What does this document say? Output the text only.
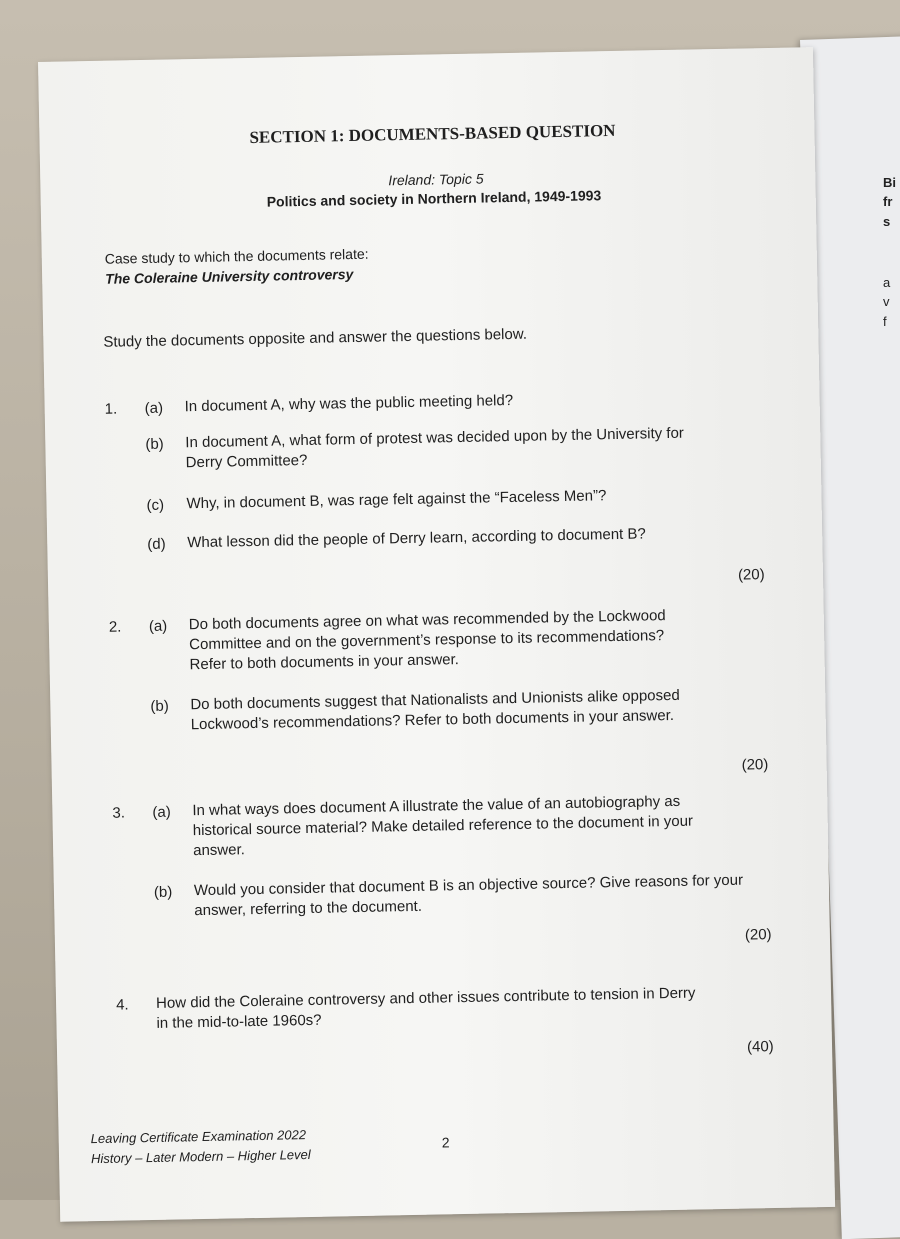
Bi
fr
s
a
v
f
SECTION 1: DOCUMENTS-BASED QUESTION
Ireland: Topic 5
Politics and society in Northern Ireland, 1949-1993
Case study to which the documents relate:
The Coleraine University controversy
Study the documents opposite and answer the questions below.
1. (a) In document A, why was the public meeting held?
(b) In document A, what form of protest was decided upon by the University for
Derry Committee?
(c) Why, in document B, was rage felt against the “Faceless Men”?
(d) What lesson did the people of Derry learn, according to document B?
(20)
2. (a) Do both documents agree on what was recommended by the Lockwood
Committee and on the government’s response to its recommendations?
Refer to both documents in your answer.
(b) Do both documents suggest that Nationalists and Unionists alike opposed
Lockwood’s recommendations? Refer to both documents in your answer.
(20)
3. (a) In what ways does document A illustrate the value of an autobiography as
historical source material? Make detailed reference to the document in your
answer.
(b) Would you consider that document B is an objective source? Give reasons for your
answer, referring to the document.
(20)
4. How did the Coleraine controversy and other issues contribute to tension in Derry
in the mid-to-late 1960s?
(40)
Leaving Certificate Examination 2022
History – Later Modern – Higher Level
2
